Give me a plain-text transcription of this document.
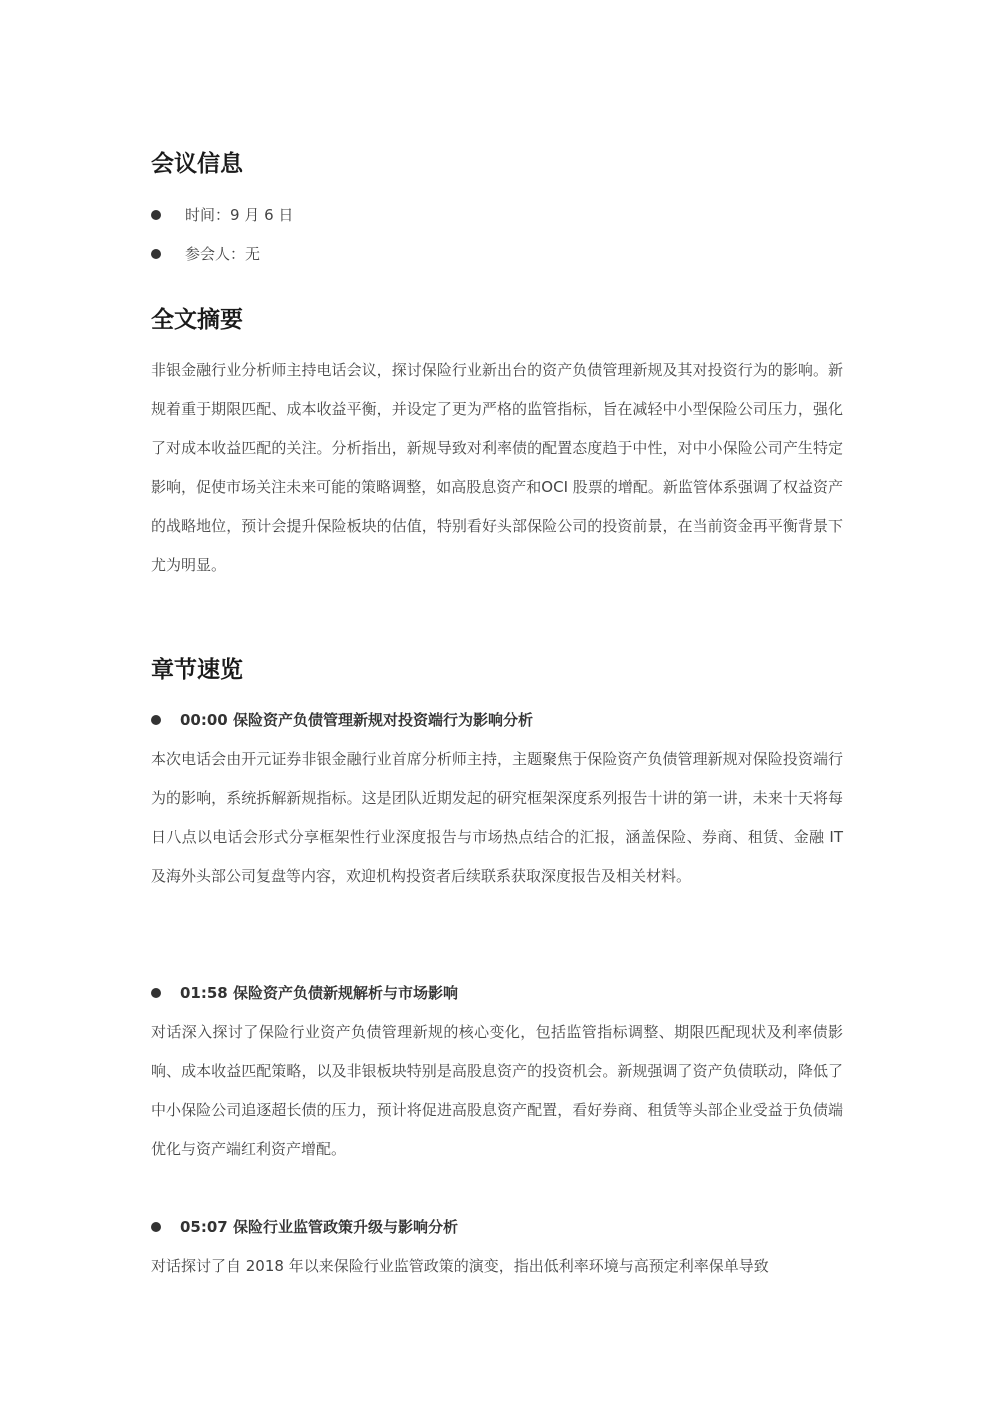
会议信息
时间：9 月 6 日
参会人：无
全文摘要

非银金融行业分析师主持电话会议，探讨保险行业新出台的资产负债管理新规及其对投资行为的影响。新规着重于期限匹配、成本收益平衡，并设定了更为严格的监管指标，旨在减轻中小型保险公司压力，强化了对成本收益匹配的关注。分析指出，新规导致对利率债的配置态度趋于中性，对中小保险公司产生特定影响，促使市场关注未来可能的策略调整，如高股息资产和OCI 股票的增配。新监管体系强调了权益资产的战略地位，预计会提升保险板块的估值，特别看好头部保险公司的投资前景，在当前资金再平衡背景下尤为明显。

章节速览
00:00 保险资产负债管理新规对投资端行为影响分析

本次电话会由开元证券非银金融行业首席分析师主持，主题聚焦于保险资产负债管理新规对保险投资端行为的影响，系统拆解新规指标。这是团队近期发起的研究框架深度系列报告十讲的第一讲，未来十天将每日八点以电话会形式分享框架性行业深度报告与市场热点结合的汇报，涵盖保险、券商、租赁、金融 IT 及海外头部公司复盘等内容，欢迎机构投资者后续联系获取深度报告及相关材料。

01:58 保险资产负债新规解析与市场影响

对话深入探讨了保险行业资产负债管理新规的核心变化，包括监管指标调整、期限匹配现状及利率债影响、成本收益匹配策略，以及非银板块特别是高股息资产的投资机会。新规强调了资产负债联动，降低了中小保险公司追逐超长债的压力，预计将促进高股息资产配置，看好券商、租赁等头部企业受益于负债端优化与资产端红利资产增配。

05:07 保险行业监管政策升级与影响分析

对话探讨了自 2018 年以来保险行业监管政策的演变，指出低利率环境与高预定利率保单导致
